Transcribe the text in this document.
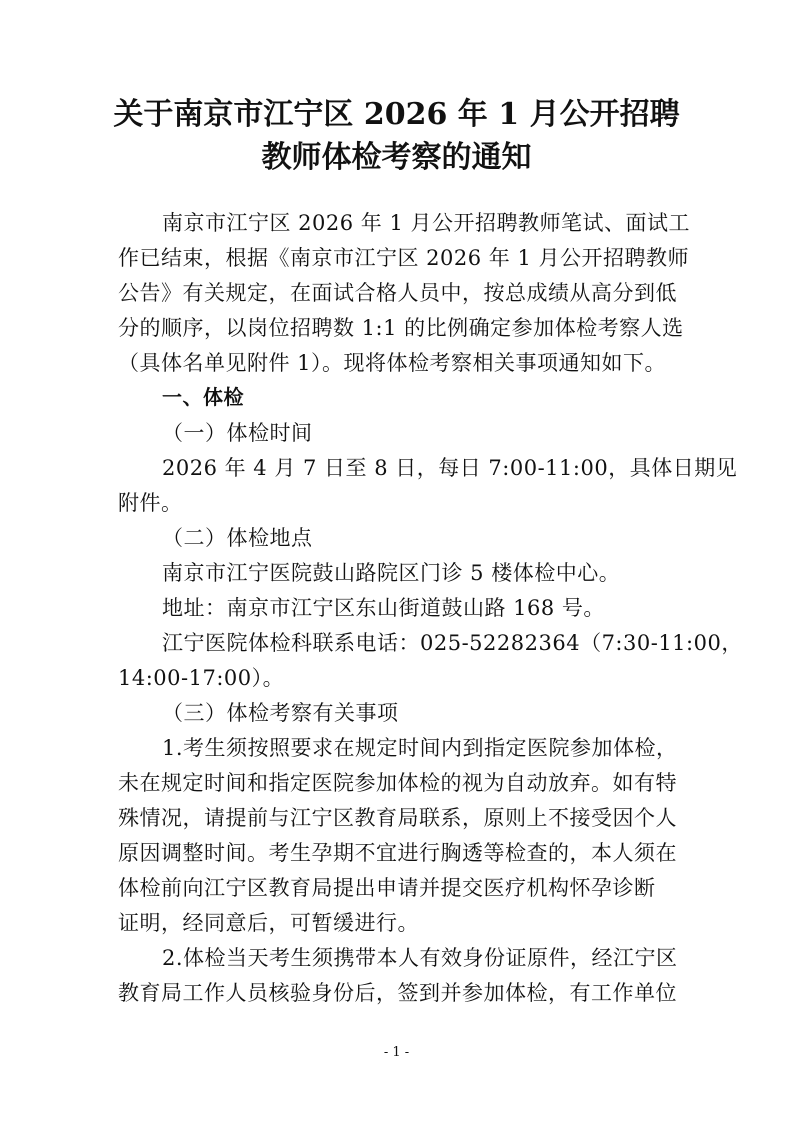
关于南京市江宁区 2026 年 1 月公开招聘
教师体检考察的通知
南京市江宁区 2026 年 1 月公开招聘教师笔试、面试工
作已结束，根据《南京市江宁区 2026 年 1 月公开招聘教师
公告》有关规定，在面试合格人员中，按总成绩从高分到低
分的顺序，以岗位招聘数 1:1 的比例确定参加体检考察人选
（具体名单见附件 1）。现将体检考察相关事项通知如下。
一、体检
（一）体检时间
2026 年 4 月 7 日至 8 日，每日 7:00-11:00，具体日期见
附件。
（二）体检地点
南京市江宁医院鼓山路院区门诊 5 楼体检中心。
地址：南京市江宁区东山街道鼓山路 168 号。
江宁医院体检科联系电话：025-52282364（7:30-11:00，
14:00-17:00）。
（三）体检考察有关事项
1.考生须按照要求在规定时间内到指定医院参加体检，
未在规定时间和指定医院参加体检的视为自动放弃。如有特
殊情况，请提前与江宁区教育局联系，原则上不接受因个人
原因调整时间。考生孕期不宜进行胸透等检查的，本人须在
体检前向江宁区教育局提出申请并提交医疗机构怀孕诊断
证明，经同意后，可暂缓进行。
2.体检当天考生须携带本人有效身份证原件，经江宁区
教育局工作人员核验身份后，签到并参加体检，有工作单位
- 1 -
